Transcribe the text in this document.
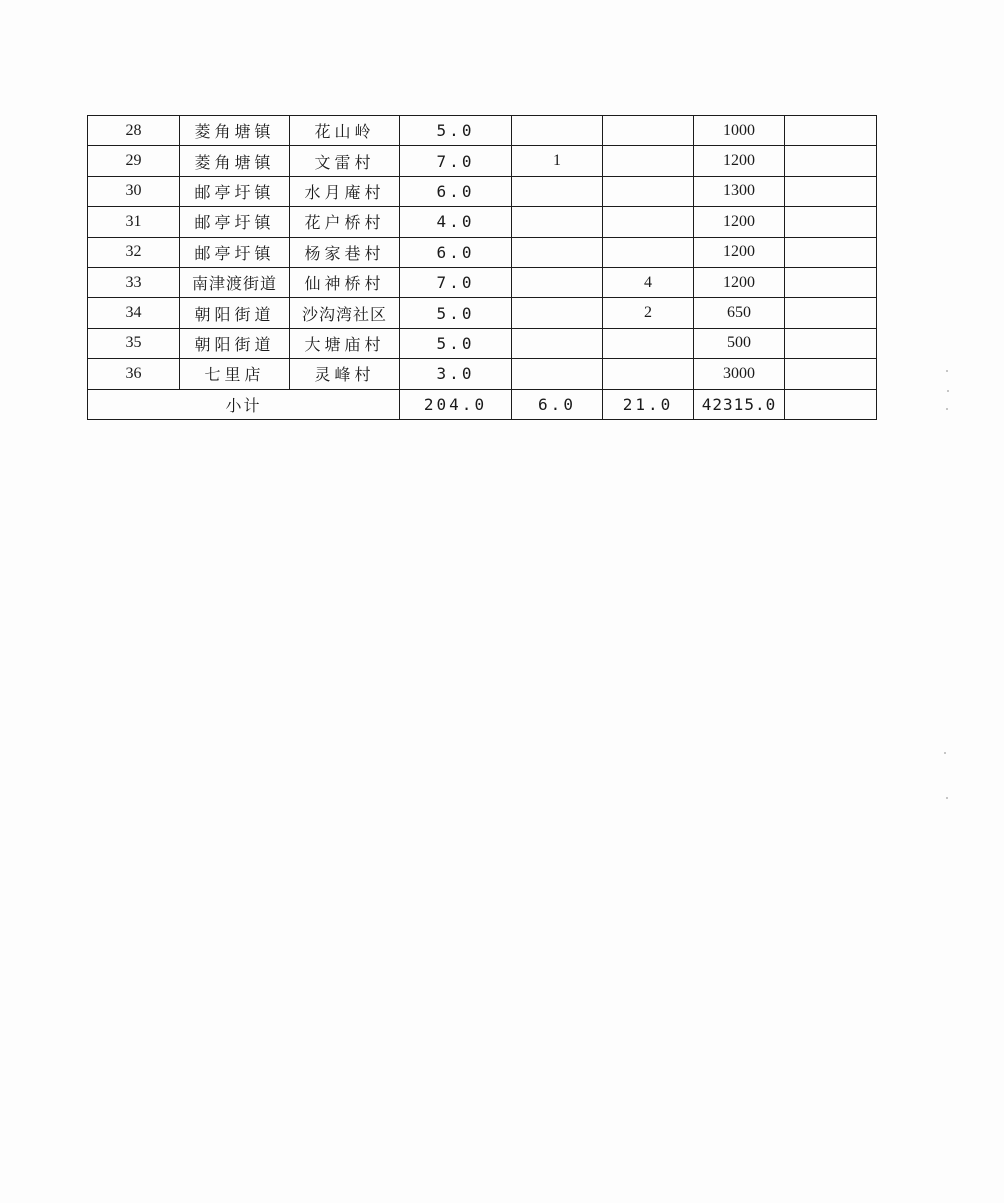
28	菱角塘镇	花山岭	5.0			1000	
29	菱角塘镇	文雷村	7.0	1		1200	
30	邮亭圩镇	水月庵村	6.0			1300	
31	邮亭圩镇	花户桥村	4.0			1200	
32	邮亭圩镇	杨家巷村	6.0			1200	
33	南津渡街道	仙神桥村	7.0		4	1200	
34	朝阳街道	沙沟湾社区	5.0		2	650	
35	朝阳街道	大塘庙村	5.0			500	
36	七里店	灵峰村	3.0			3000	
小计			204.0	6.0	21.0	42315.0	
